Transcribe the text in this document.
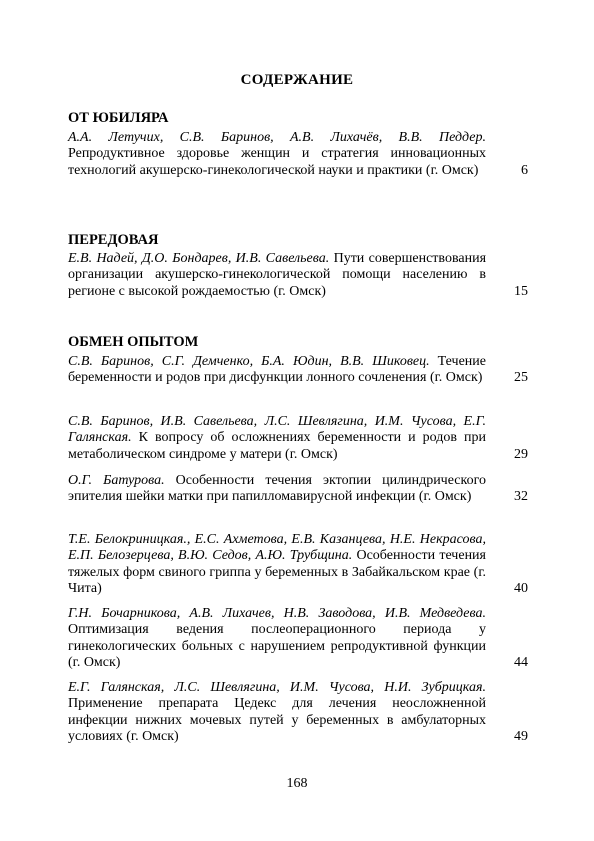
СОДЕРЖАНИЕ
ОТ ЮБИЛЯРА
А.А. Летучих, С.В. Баринов, А.В. Лихачёв, В.В. Педдер. Репродуктивное здоровье женщин и стратегия инновационных технологий акушерско-гинекологической науки и практики (г. Омск)	6
ПЕРЕДОВАЯ
Е.В. Надей, Д.О. Бондарев, И.В. Савельева. Пути совершенствования организации акушерско-гинекологической помощи населению в регионе с высокой рождаемостью (г. Омск)	15
ОБМЕН ОПЫТОМ
С.В. Баринов, С.Г. Демченко, Б.А. Юдин, В.В. Шиковец. Течение беременности и родов при дисфункции лонного сочленения (г. Омск)	25
С.В. Баринов, И.В. Савельева, Л.С. Шевлягина, И.М. Чусова, Е.Г. Галянская. К вопросу об осложнениях беременности и родов при метаболическом синдроме у матери (г. Омск)	29
О.Г. Батурова. Особенности течения эктопии цилиндрического эпителия шейки матки при папилломавирусной инфекции (г. Омск)	32
Т.Е. Белокриницкая., Е.С. Ахметова, Е.В. Казанцева, Н.Е. Некрасова, Е.П. Белозерцева, В.Ю. Седов, А.Ю. Трубщина. Особенности течения тяжелых форм свиного гриппа у беременных в Забайкальском крае (г. Чита)	40
Г.Н. Бочарникова, А.В. Лихачев, Н.В. Заводова, И.В. Медведева. Оптимизация ведения послеоперационного периода у гинекологических больных с нарушением репродуктивной функции (г. Омск)	44
Е.Г. Галянская, Л.С. Шевлягина, И.М. Чусова, Н.И. Зубрицкая. Применение препарата Цедекс для лечения неосложненной инфекции нижних мочевых путей у беременных в амбулаторных условиях (г. Омск)	49
168
